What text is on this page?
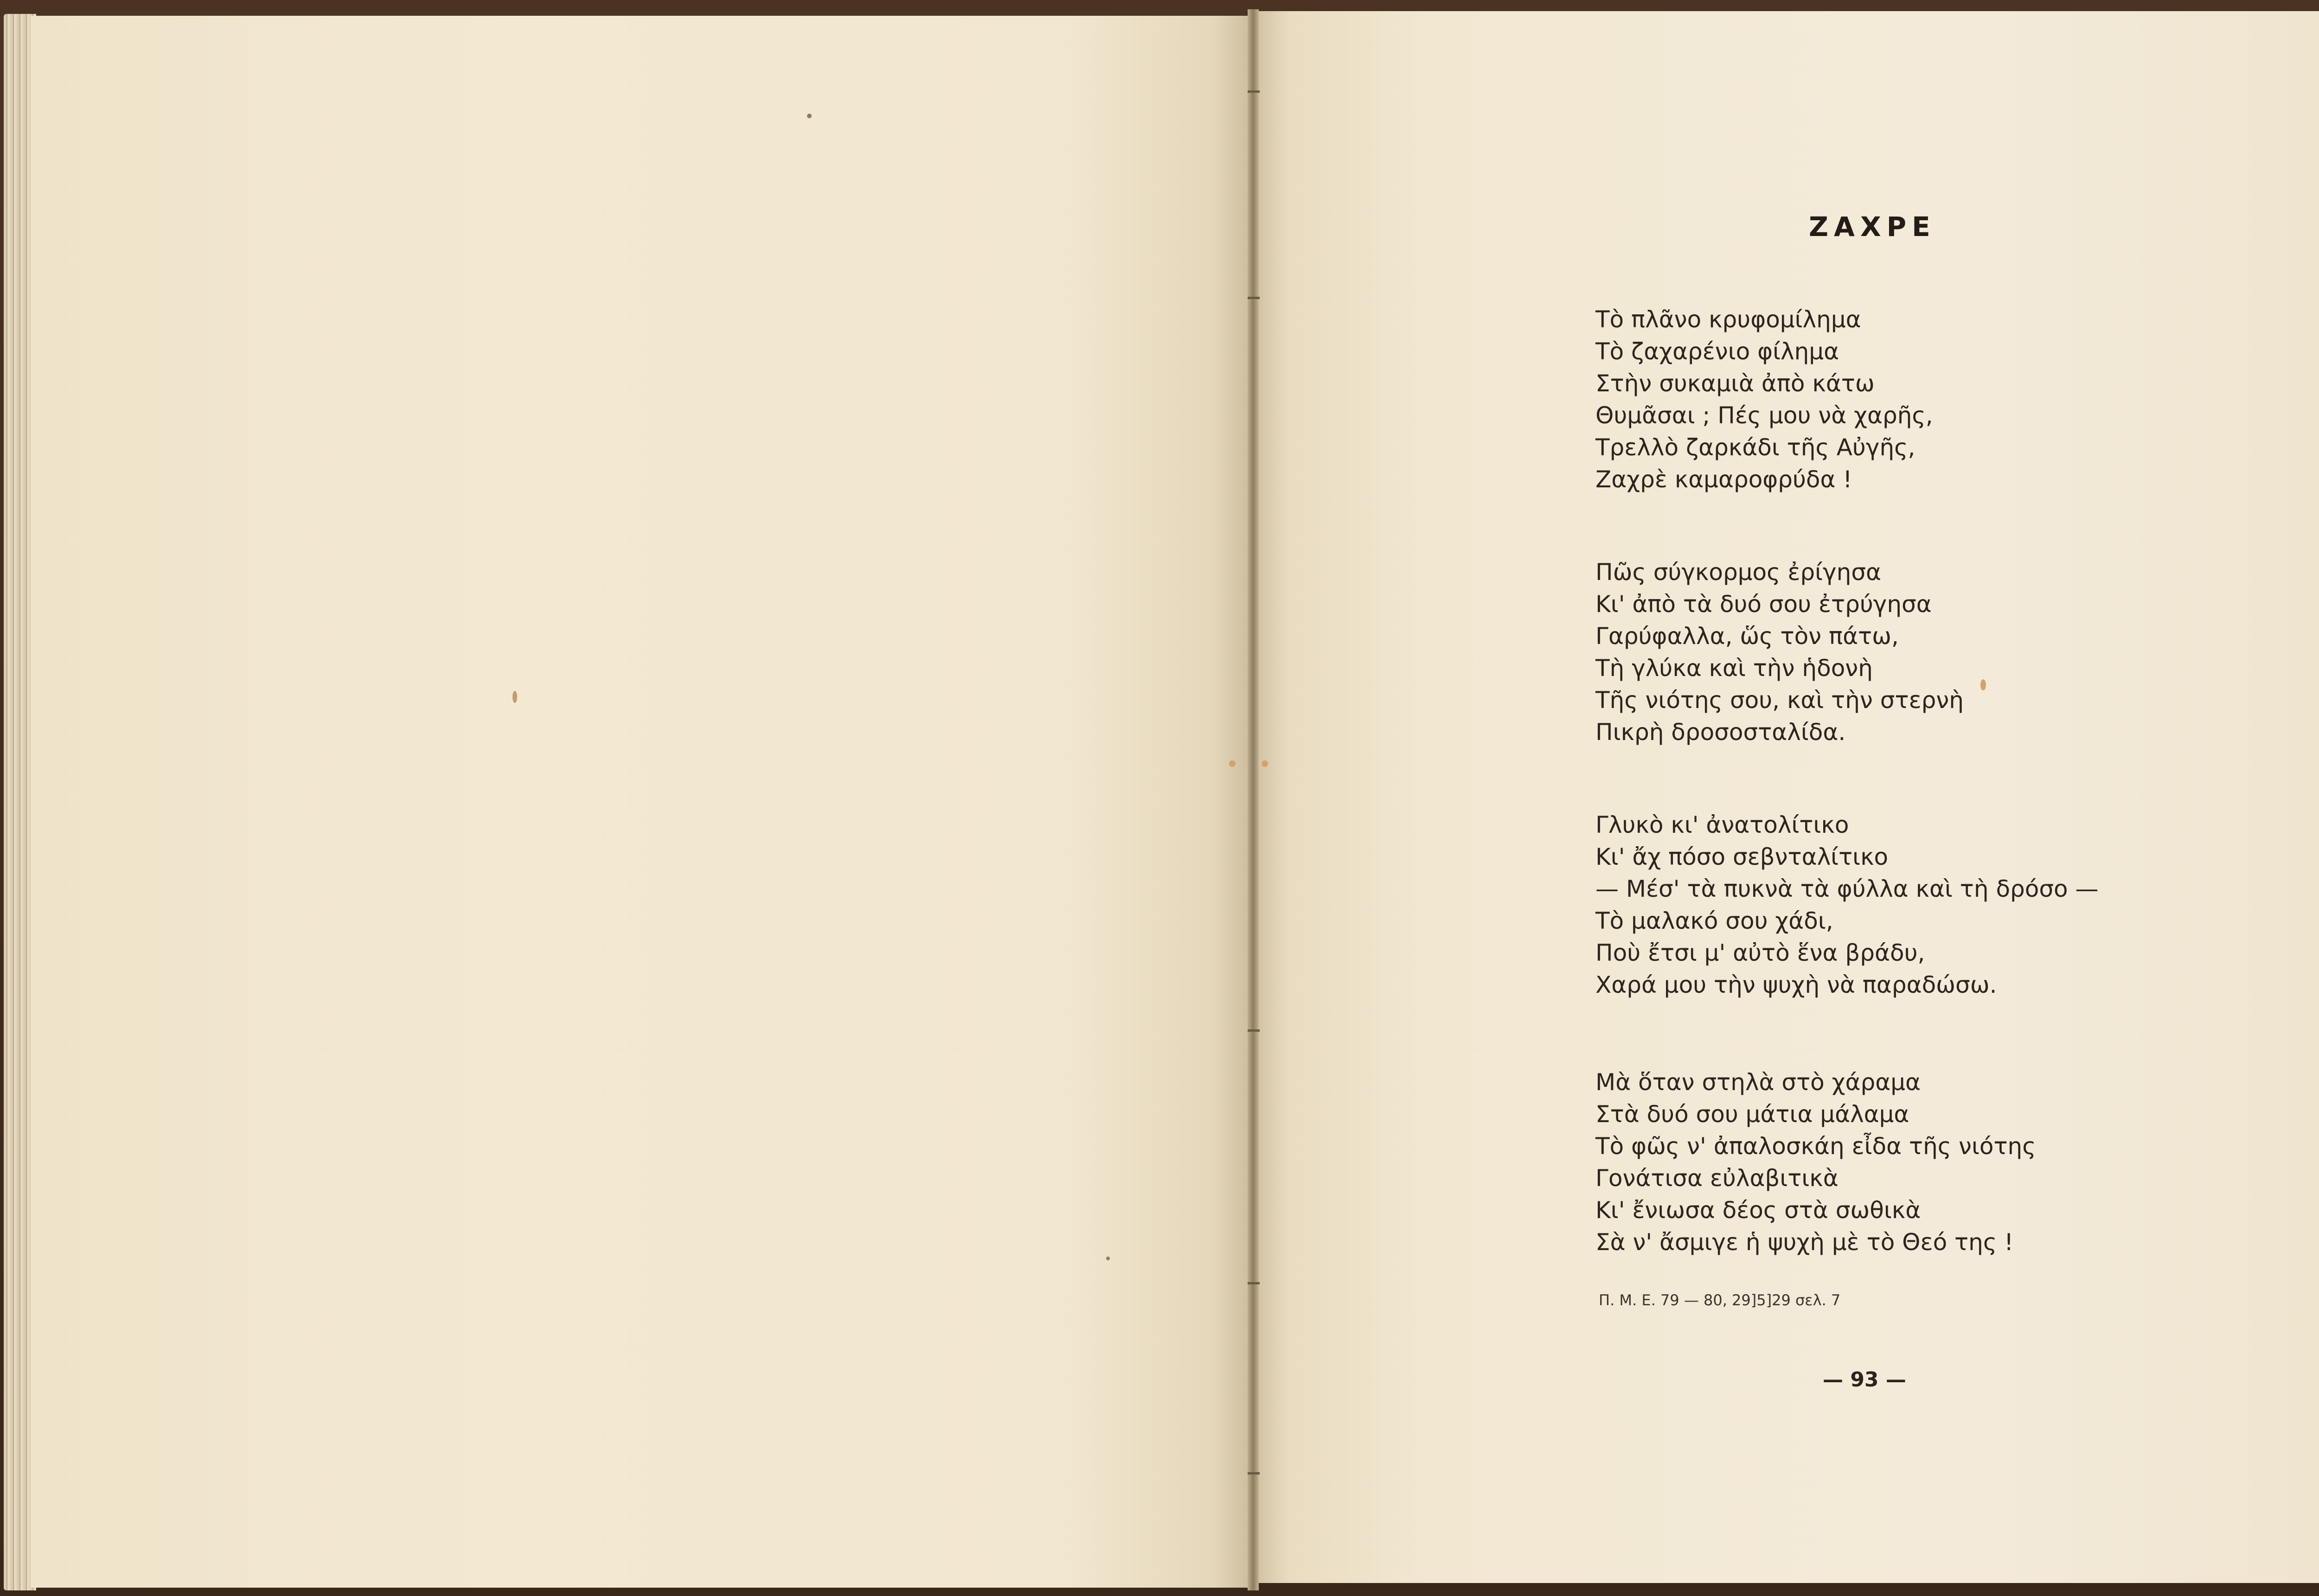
ΖΑΧΡΕ
Τὸ πλᾶνο κρυφομίλημα
Τὸ ζαχαρένιο φίλημα
Στὴν συκαμιὰ ἀπὸ κάτω
Θυμᾶσαι ; Πές μου νὰ χαρῆς,
Τρελλὸ ζαρκάδι τῆς Αὐγῆς,
Ζαχρὲ καμαροφρύδα !
Πῶς σύγκορμος ἐρίγησα
Κι' ἀπὸ τὰ δυό σου ἐτρύγησα
Γαρύφαλλα, ὥς τὸν πάτω,
Τὴ γλύκα καὶ τὴν ἡδονὴ
Τῆς νιότης σου, καὶ τὴν στερνὴ
Πικρὴ δροσοσταλίδα.
Γλυκὸ κι' ἀνατολίτικο
Κι' ἄχ πόσο σεβνταλίτικο
— Μέσ' τὰ πυκνὰ τὰ φύλλα καὶ τὴ δρόσο —
Τὸ μαλακό σου χάδι,
Ποὺ ἔτσι μ' αὐτὸ ἕνα βράδυ,
Χαρά μου τὴν ψυχὴ νὰ παραδώσω.
Μὰ ὅταν στηλὰ στὸ χάραμα
Στὰ δυό σου μάτια μάλαμα
Τὸ φῶς ν' ἀπαλοσκάη εἶδα τῆς νιότης
Γονάτισα εὐλαβιτικὰ
Κι' ἔνιωσα δέος στὰ σωθικὰ
Σὰ ν' ἄσμιγε ἡ ψυχὴ μὲ τὸ Θεό της !
Π. Μ. Ε. 79 — 80, 29]5]29 σελ. 7
— 93 —
